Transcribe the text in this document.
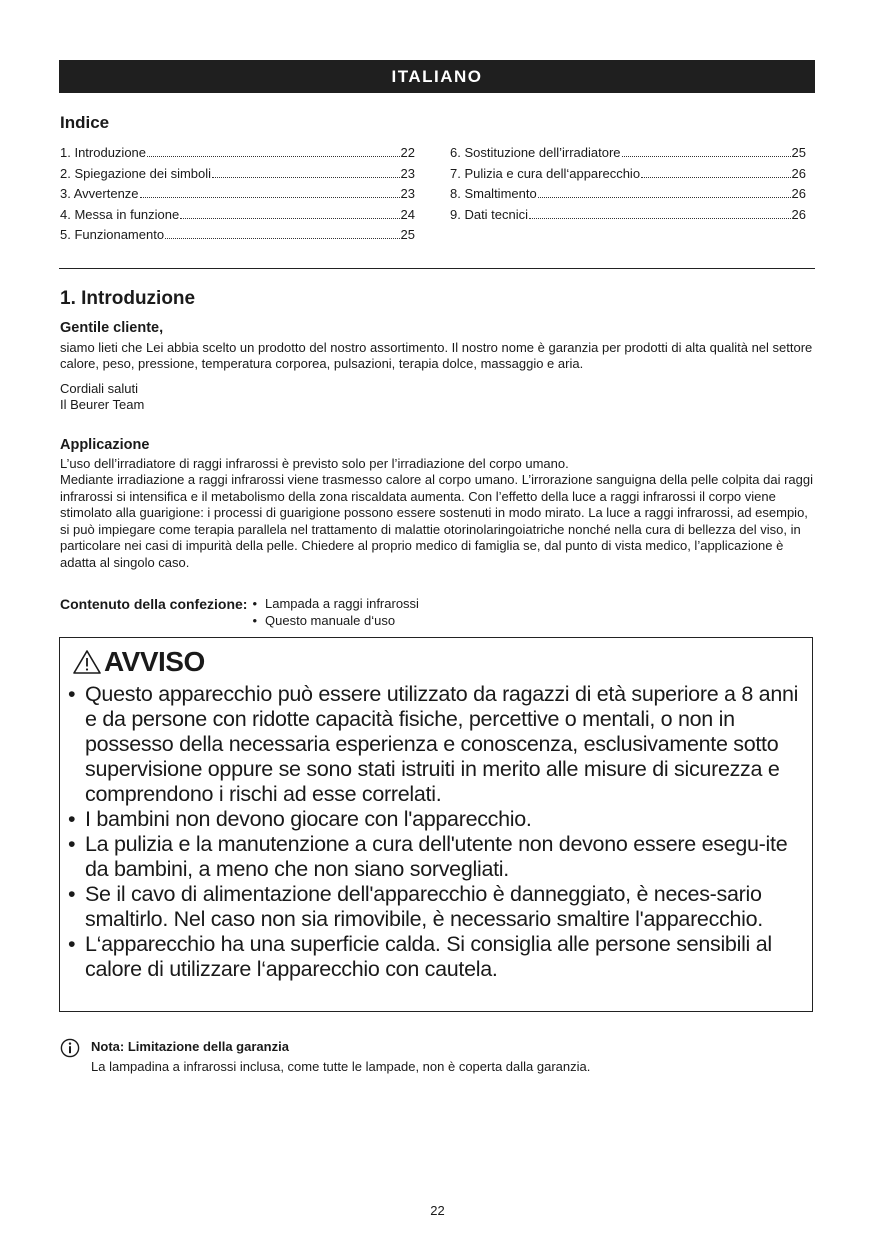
ITALIANO
Indice
1. Introduzione	22
2. Spiegazione dei simboli	23
3. Avvertenze	23
4. Messa in funzione	24
5. Funzionamento	25
6. Sostituzione dell’irradiatore	25
7. Pulizia e cura dell‘apparecchio	26
8. Smaltimento	26
9. Dati tecnici	26
1. Introduzione

Gentile cliente,

siamo lieti che Lei abbia scelto un prodotto del nostro assortimento. Il nostro nome è garanzia per prodotti di alta qualità nel settore calore, peso, pressione, temperatura corporea, pulsazioni, terapia dolce, massaggio e aria.

Cordiali saluti

Il Beurer Team

Applicazione

L’uso dell’irradiatore di raggi infrarossi è previsto solo per l’irradiazione del corpo umano.

Mediante irradiazione a raggi infrarossi viene trasmesso calore al corpo umano. L’irrorazione sanguigna della pelle colpita dai raggi infrarossi si intensifica e il metabolismo della zona riscaldata aumenta. Con l’effetto della luce a raggi infrarossi il corpo viene stimolato alla guarigione: i processi di guarigione possono essere sostenuti in modo mirato. La luce a raggi infrarossi, ad esempio, si può impiegare come terapia parallela nel trattamento di malattie otorinolaringoiatriche nonché nella cura di bellezza del viso, in particolare nei casi di impurità della pelle. Chiedere al proprio medico di famiglia se, dal punto di vista medico, l’applicazione è adatta al singolo caso.

Contenuto della confezione:	• Lampada a raggi infrarossi
• Questo manuale d‘uso
AVVISO
• Questo apparecchio può essere utilizzato da ragazzi di età superiore a 8 anni e da persone con ridotte capacità fisiche, percettive o mentali, o non in possesso della necessaria esperienza e conoscenza, esclusivamente sotto supervisione oppure se sono stati istruiti in merito alle misure di sicurezza e comprendono i rischi ad esse correlati.
• I bambini non devono giocare con l'apparecchio.
• La pulizia e la manutenzione a cura dell'utente non devono essere esegu-ite da bambini, a meno che non siano sorvegliati.
• Se il cavo di alimentazione dell'apparecchio è danneggiato, è neces-sario smaltirlo. Nel caso non sia rimovibile, è necessario smaltire l'apparecchio.
• L‘apparecchio ha una superficie calda. Si consiglia alle persone sensibili al calore di utilizzare l‘apparecchio con cautela.
Nota: Limitazione della garanzia
La lampadina a infrarossi inclusa, come tutte le lampade, non è coperta dalla garanzia.
22
